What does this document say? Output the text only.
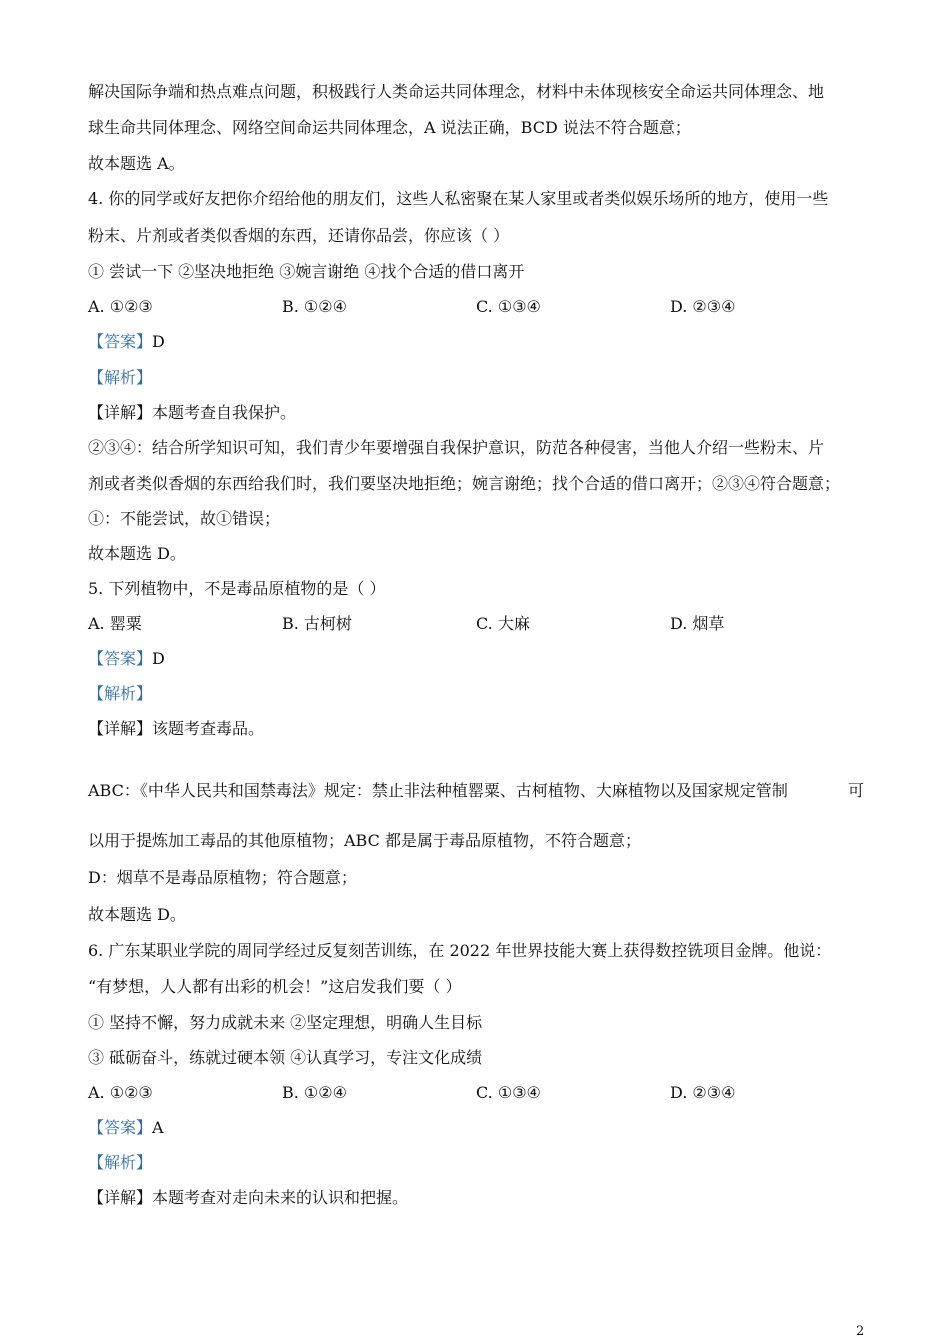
解决国际争端和热点难点问题，积极践行人类命运共同体理念，材料中未体现核安全命运共同体理念、地
球生命共同体理念、网络空间命运共同体理念，A 说法正确，BCD 说法不符合题意；
故本题选 A。
4. 你的同学或好友把你介绍给他的朋友们，这些人私密聚在某人家里或者类似娱乐场所的地方，使用一些
粉末、片剂或者类似香烟的东西，还请你品尝，你应该（ ）
① 尝试一下 ②坚决地拒绝 ③婉言谢绝 ④找个合适的借口离开
A. ①②③	B. ①②④	C. ①③④	D. ②③④
【答案】D
【解析】
【详解】本题考查自我保护。
②③④：结合所学知识可知，我们青少年要增强自我保护意识，防范各种侵害，当他人介绍一些粉末、片
剂或者类似香烟的东西给我们时，我们要坚决地拒绝；婉言谢绝；找个合适的借口离开；②③④符合题意；
①：不能尝试，故①错误；
故本题选 D。
5. 下列植物中，不是毒品原植物的是（ ）
A. 罂粟	B. 古柯树	C. 大麻	D. 烟草
【答案】D
【解析】
【详解】该题考查毒品。
ABC：《中华人民共和国禁毒法》规定：禁止非法种植罂粟、古柯植物、大麻植物以及国家规定管制	可
以用于提炼加工毒品的其他原植物；ABC 都是属于毒品原植物，不符合题意；
D：烟草不是毒品原植物；符合题意；
故本题选 D。
6. 广东某职业学院的周同学经过反复刻苦训练，在 2022 年世界技能大赛上获得数控铣项目金牌。他说：
“有梦想，人人都有出彩的机会！”这启发我们要（ ）
① 坚持不懈，努力成就未来 ②坚定理想，明确人生目标
③ 砥砺奋斗，练就过硬本领 ④认真学习，专注文化成绩
A. ①②③	B. ①②④	C. ①③④	D. ②③④
【答案】A
【解析】
【详解】本题考查对走向未来的认识和把握。
2
